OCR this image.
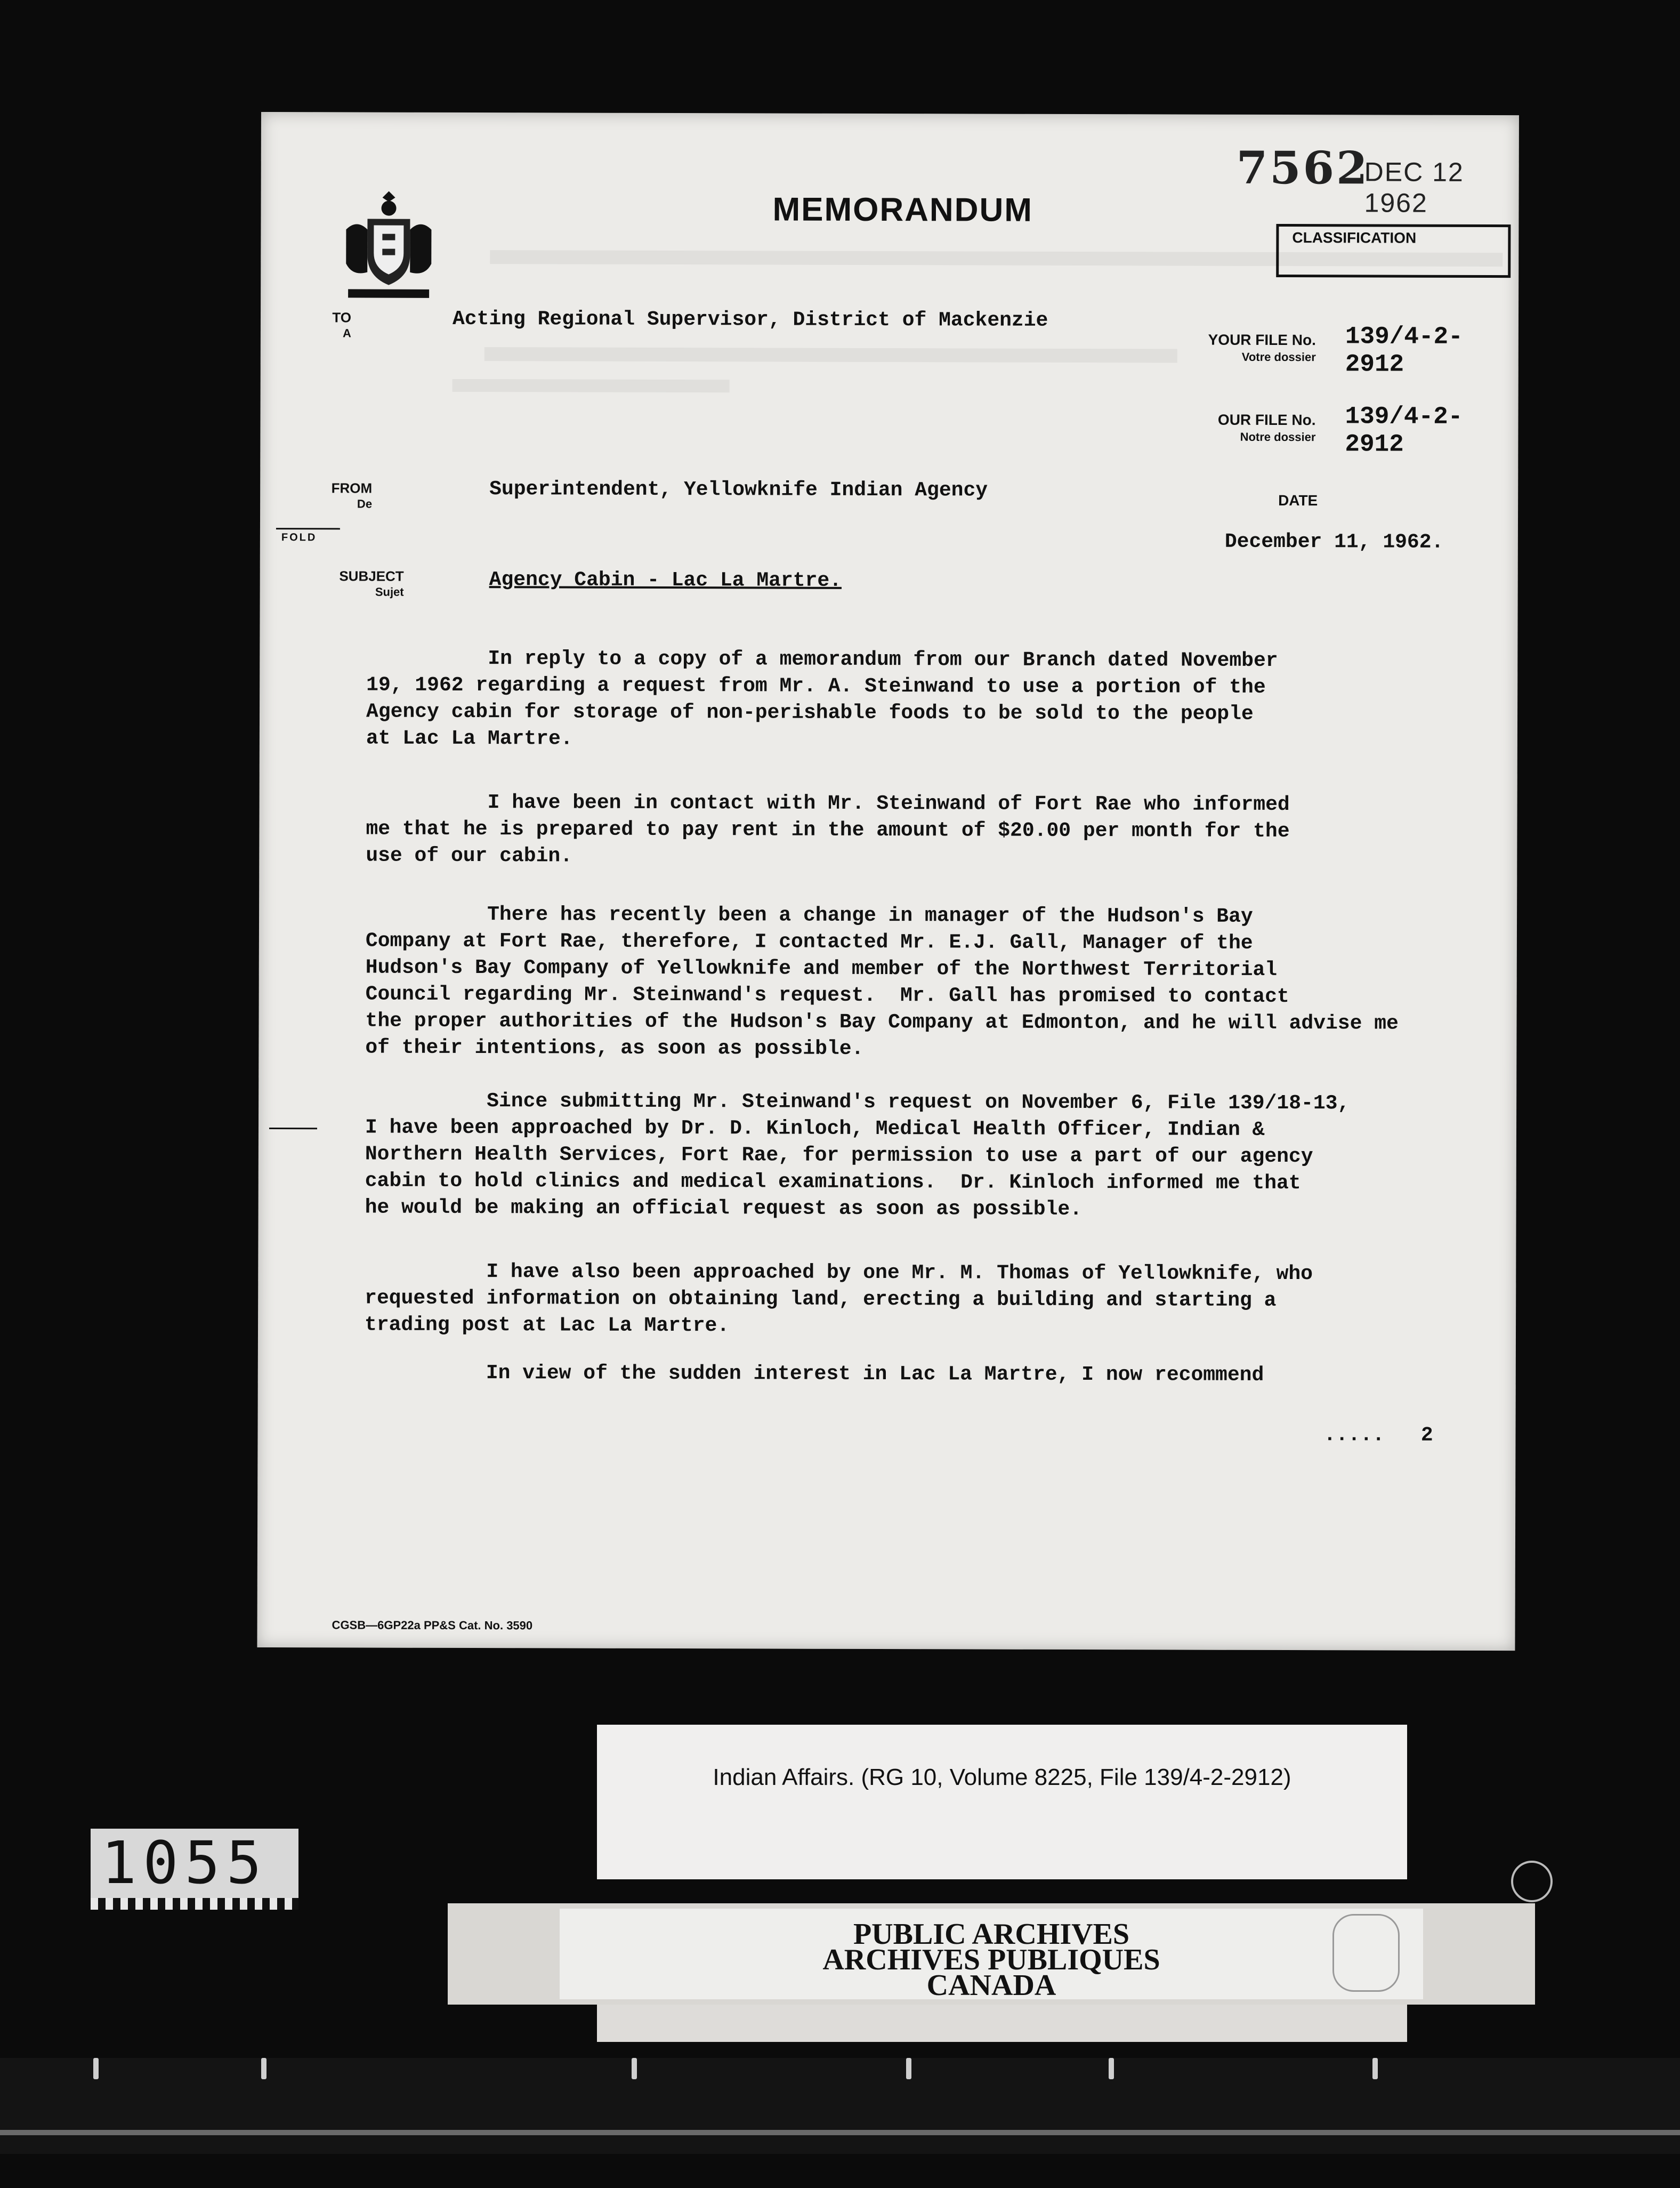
MEMORANDUM
7562
DEC 12 1962
CLASSIFICATION
TO
A
Acting Regional Supervisor, District of Mackenzie
YOUR FILE No.
Votre dossier
139/4-2-2912
OUR FILE No.
Notre dossier
139/4-2-2912
FROM
De
Superintendent, Yellowknife Indian Agency	DATE
December 11, 1962.
FOLD
SUBJECT
Sujet	Agency Cabin - Lac La Martre.
In reply to a copy of a memorandum from our Branch dated November
19, 1962 regarding a request from Mr. A. Steinwand to use a portion of the
Agency cabin for storage of non-perishable foods to be sold to the people
at Lac La Martre.
I have been in contact with Mr. Steinwand of Fort Rae who informed
me that he is prepared to pay rent in the amount of $20.00 per month for the
use of our cabin.
There has recently been a change in manager of the Hudson's Bay
Company at Fort Rae, therefore, I contacted Mr. E.J. Gall, Manager of the
Hudson's Bay Company of Yellowknife and member of the Northwest Territorial
Council regarding Mr. Steinwand's request.  Mr. Gall has promised to contact
the proper authorities of the Hudson's Bay Company at Edmonton, and he will advise me
of their intentions, as soon as possible.
Since submitting Mr. Steinwand's request on November 6, File 139/18-13,
I have been approached by Dr. D. Kinloch, Medical Health Officer, Indian &
Northern Health Services, Fort Rae, for permission to use a part of our agency
cabin to hold clinics and medical examinations.  Dr. Kinloch informed me that
he would be making an official request as soon as possible.
I have also been approached by one Mr. M. Thomas of Yellowknife, who
requested information on obtaining land, erecting a building and starting a
trading post at Lac La Martre.
In view of the sudden interest in Lac La Martre, I now recommend
.....   2
CGSB—6GP22a PP&S Cat. No. 3590
Indian Affairs. (RG 10, Volume 8225, File 139/4-2-2912)
1055
PUBLIC ARCHIVES
ARCHIVES PUBLIQUES
CANADA
